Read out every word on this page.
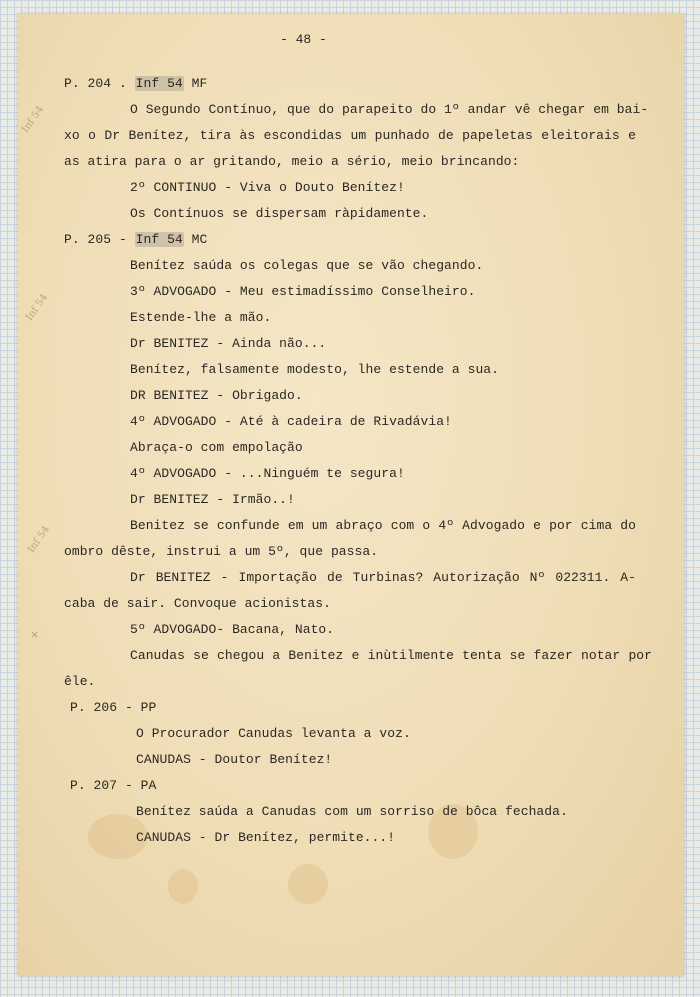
Inf 54
Inf 54
Inf 54
×
- 48 -
P. 204 . Inf 54 MF
O Segundo Contínuo, que do parapeito do 1º andar vê chegar em bai-
xo o Dr Benítez, tira às escondidas um punhado de papeletas eleitorais e
as atira para o ar gritando, meio a sério, meio brincando:
2º CONTINUO - Viva o Douto Benítez!
Os Contínuos se dispersam ràpidamente.
P. 205 - Inf 54 MC
Benítez saúda os colegas que se vão chegando.
3º ADVOGADO - Meu estimadíssimo Conselheiro.
Estende-lhe a mão.
Dr BENITEZ - Ainda não...
Benítez, falsamente modesto, lhe estende a sua.
DR BENITEZ - Obrigado.
4º ADVOGADO - Até à cadeira de Rivadávia!
Abraça-o com empolação
4º ADVOGADO - ...Ninguém te segura!
Dr BENITEZ - Irmão..!
Benitez se confunde em um abraço com o 4º Advogado e por cima do
ombro dêste, instrui a um 5º, que passa.
Dr BENITEZ - Importação de Turbinas? Autorização Nº 022311. A-
caba de sair. Convoque acionistas.
5º ADVOGADO- Bacana, Nato.
Canudas se chegou a Benitez e inùtilmente tenta se fazer notar por
êle.
P. 206 - PP
O Procurador Canudas levanta a voz.
CANUDAS - Doutor Benítez!
P. 207 - PA
Benítez saúda a Canudas com um sorriso de bôca fechada.
CANUDAS - Dr Benítez, permite...!
